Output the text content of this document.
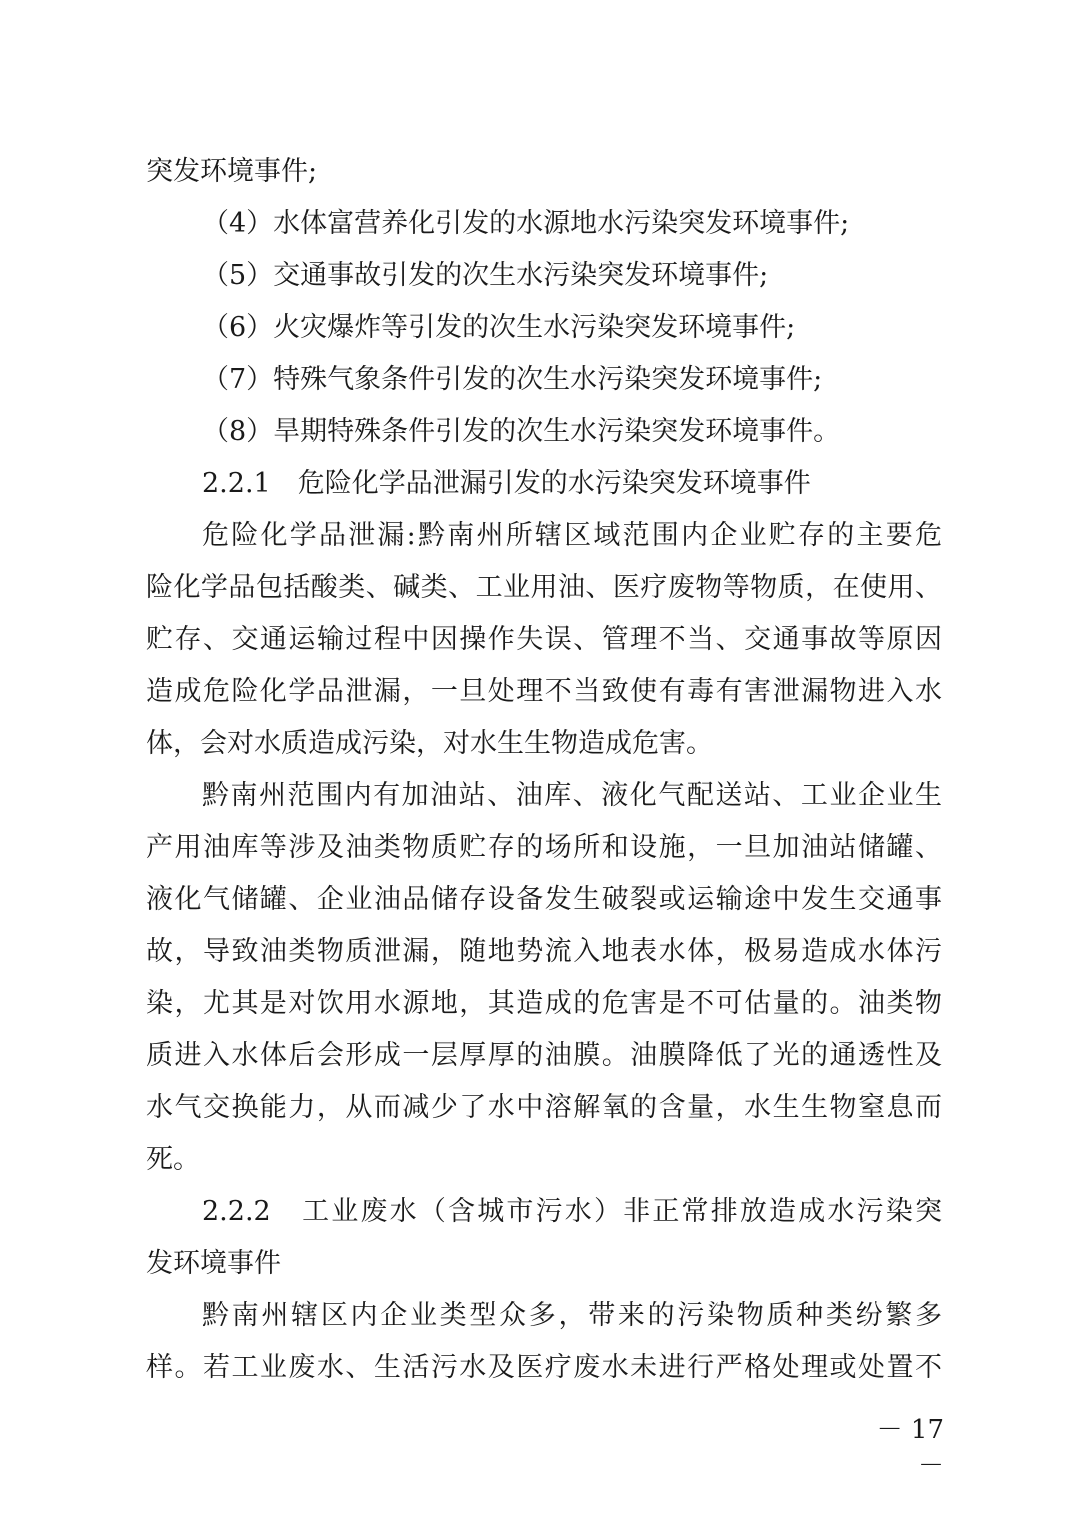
突发环境事件;
（4）水体富营养化引发的水源地水污染突发环境事件;
（5）交通事故引发的次生水污染突发环境事件;
（6）火灾爆炸等引发的次生水污染突发环境事件;
（7）特殊气象条件引发的次生水污染突发环境事件;
（8）旱期特殊条件引发的次生水污染突发环境事件。
2.2.1　危险化学品泄漏引发的水污染突发环境事件
危险化学品泄漏:黔南州所辖区域范围内企业贮存的主要危
险化学品包括酸类、碱类、工业用油、医疗废物等物质，在使用、
贮存、交通运输过程中因操作失误、管理不当、交通事故等原因
造成危险化学品泄漏，一旦处理不当致使有毒有害泄漏物进入水
体，会对水质造成污染，对水生生物造成危害。
黔南州范围内有加油站、油库、液化气配送站、工业企业生
产用油库等涉及油类物质贮存的场所和设施，一旦加油站储罐、
液化气储罐、企业油品储存设备发生破裂或运输途中发生交通事
故，导致油类物质泄漏，随地势流入地表水体，极易造成水体污
染，尤其是对饮用水源地，其造成的危害是不可估量的。油类物
质进入水体后会形成一层厚厚的油膜。油膜降低了光的通透性及
水气交换能力，从而减少了水中溶解氧的含量，水生生物窒息而
死。
2.2.2　工业废水（含城市污水）非正常排放造成水污染突
发环境事件
黔南州辖区内企业类型众多，带来的污染物质种类纷繁多
样。若工业废水、生活污水及医疗废水未进行严格处理或处置不
－ 17 －
